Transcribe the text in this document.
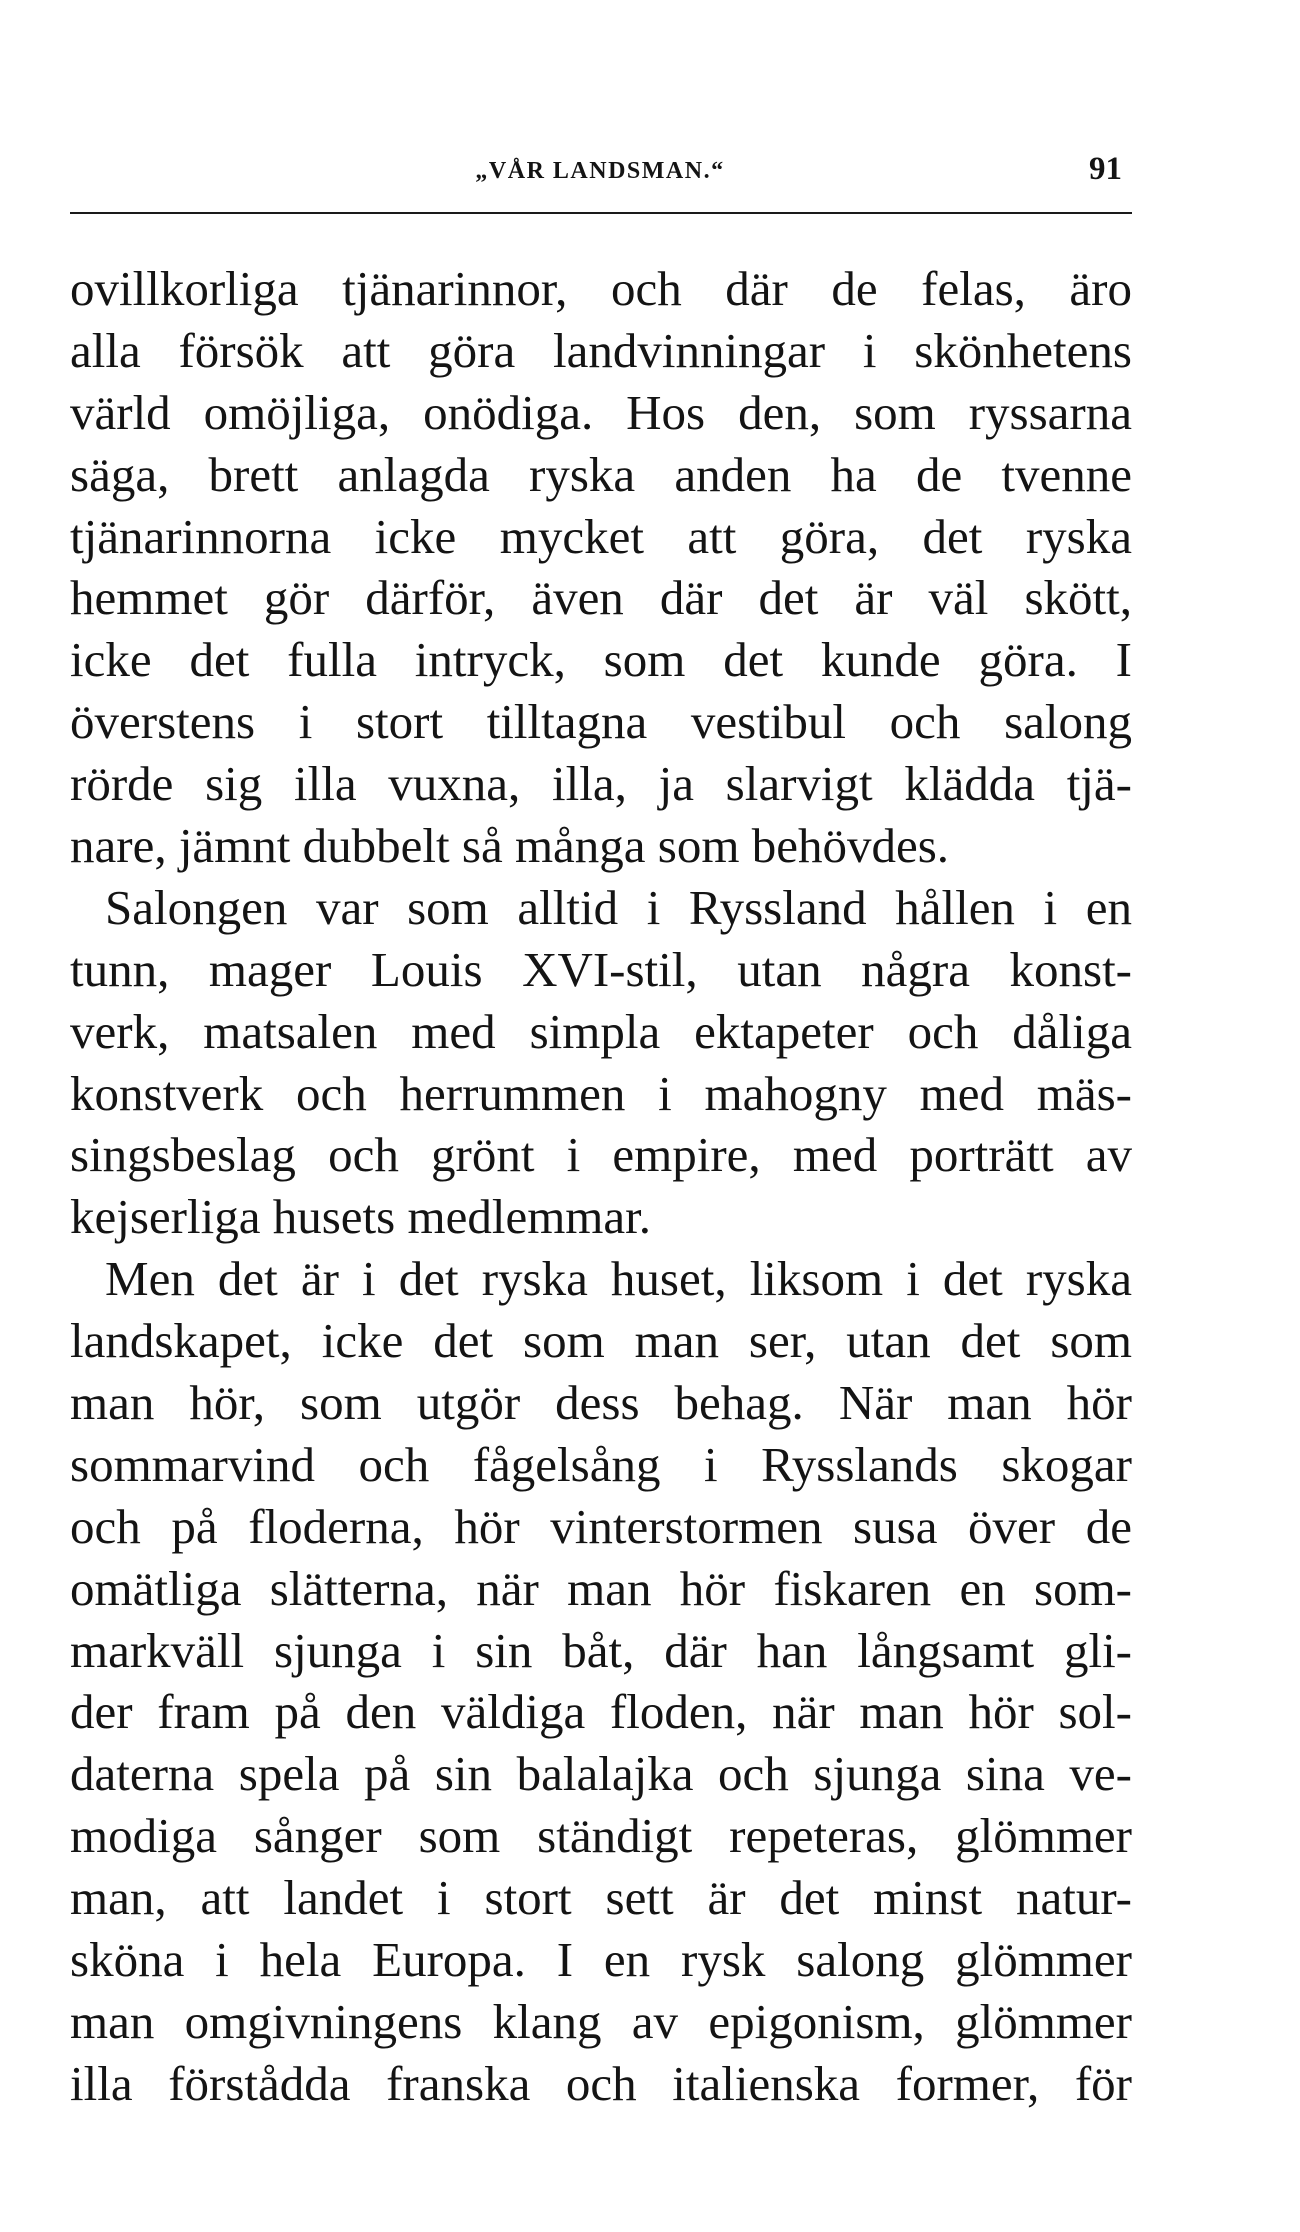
„VÅR LANDSMAN.“	91
ovillkorliga tjänarinnor, och där de felas, äro
alla försök att göra landvinningar i skönhetens
värld omöjliga, onödiga. Hos den, som ryssarna
säga, brett anlagda ryska anden ha de tvenne
tjänarinnorna icke mycket att göra, det ryska
hemmet gör därför, även där det är väl skött,
icke det fulla intryck, som det kunde göra. I
överstens i stort tilltagna vestibul och salong
rörde sig illa vuxna, illa, ja slarvigt klädda tjä-
nare, jämnt dubbelt så många som behövdes.
Salongen var som alltid i Ryssland hållen i en
tunn, mager Louis XVI-stil, utan några konst-
verk, matsalen med simpla ektapeter och dåliga
konstverk och herrummen i mahogny med mäs-
singsbeslag och grönt i empire, med porträtt av
kejserliga husets medlemmar.
Men det är i det ryska huset, liksom i det ryska
landskapet, icke det som man ser, utan det som
man hör, som utgör dess behag. När man hör
sommarvind och fågelsång i Rysslands skogar
och på floderna, hör vinterstormen susa över de
omätliga slätterna, när man hör fiskaren en som-
markväll sjunga i sin båt, där han långsamt gli-
der fram på den väldiga floden, när man hör sol-
daterna spela på sin balalajka och sjunga sina ve-
modiga sånger som ständigt repeteras, glömmer
man, att landet i stort sett är det minst natur-
sköna i hela Europa. I en rysk salong glömmer
man omgivningens klang av epigonism, glömmer
illa förstådda franska och italienska former, för
